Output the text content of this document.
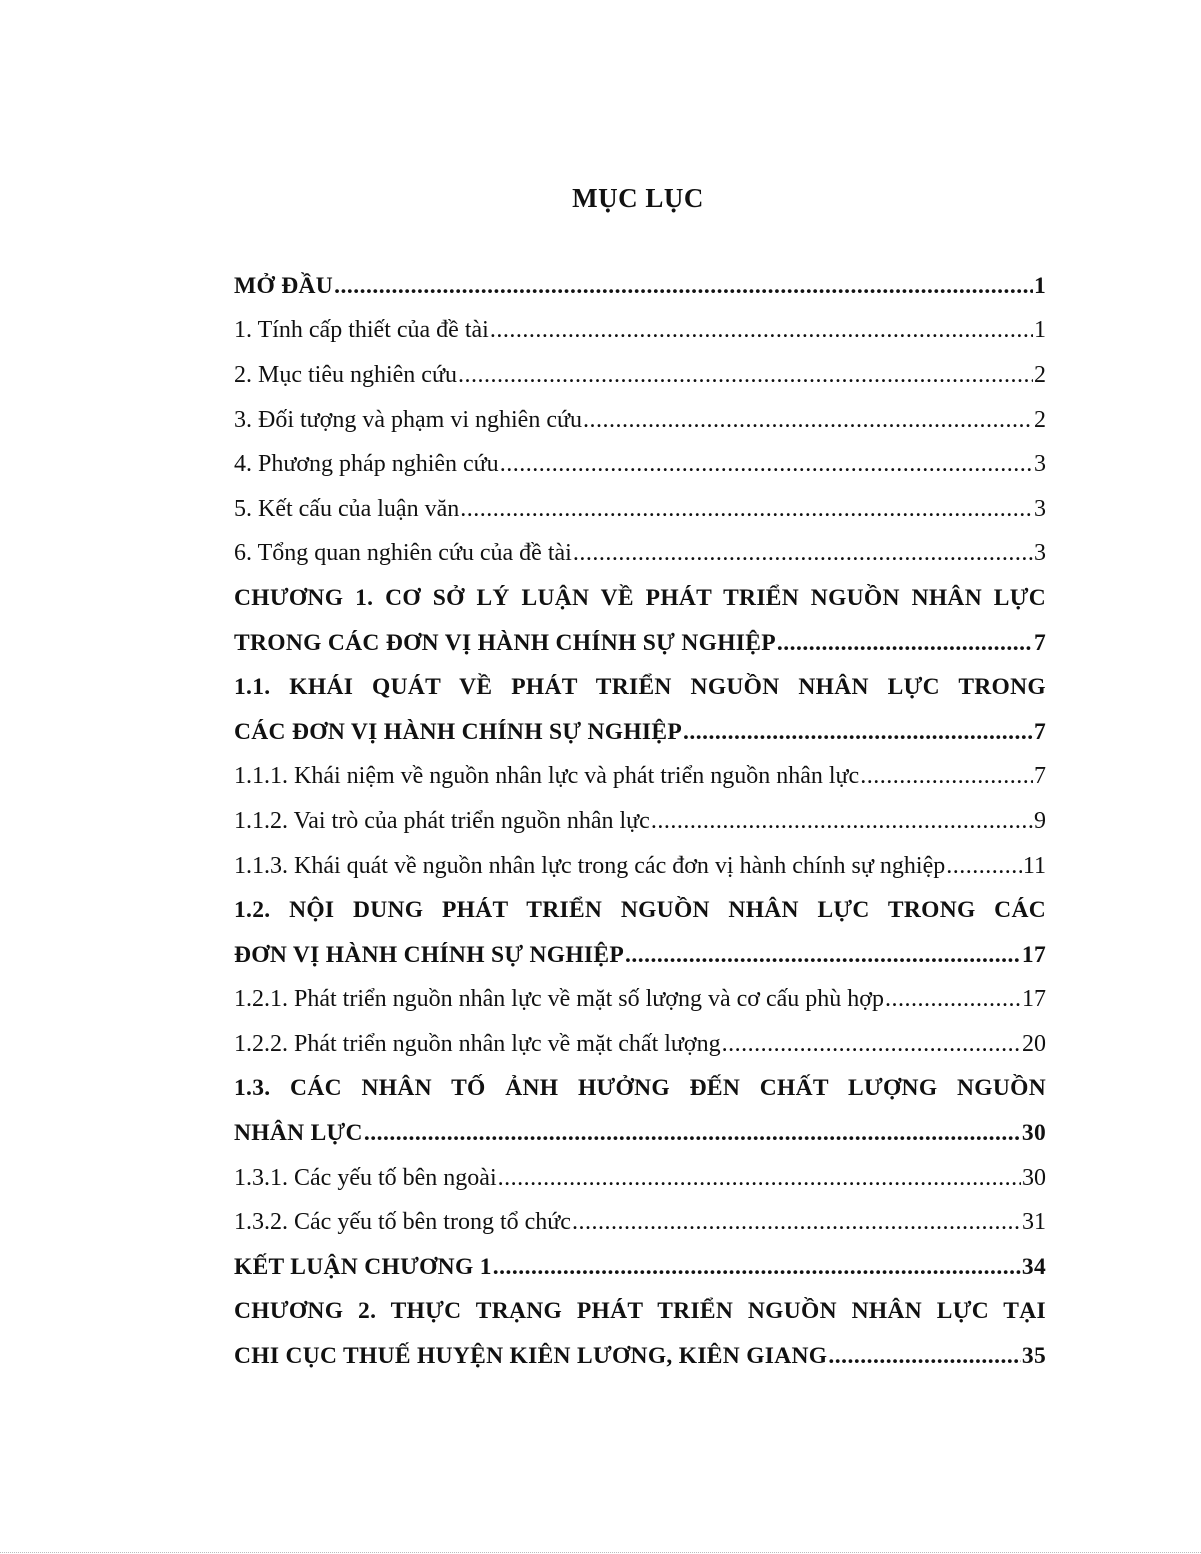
MỤC LỤC
MỞ ĐẦU .....	1
1. Tính cấp thiết của đề tài .....	1
2. Mục tiêu nghiên cứu .....	2
3. Đối tượng và phạm vi nghiên cứu .....	2
4. Phương pháp nghiên cứu .....	3
5. Kết cấu của luận văn .....	3
6. Tổng quan nghiên cứu của đề tài .....	3
CHƯƠNG 1. CƠ SỞ LÝ LUẬN VỀ PHÁT TRIỂN NGUỒN NHÂN LỰC
TRONG CÁC ĐƠN VỊ HÀNH CHÍNH SỰ NGHIỆP .....	7
1.1. KHÁI QUÁT VỀ PHÁT TRIỂN NGUỒN NHÂN LỰC TRONG
CÁC ĐƠN VỊ HÀNH CHÍNH SỰ NGHIỆP .....	7
1.1.1. Khái niệm về nguồn nhân lực và phát triển nguồn nhân lực .....	7
1.1.2. Vai trò của phát triển nguồn nhân lực .....	9
1.1.3. Khái quát về nguồn nhân lực trong các đơn vị hành chính sự nghiệp .....	11
1.2. NỘI DUNG PHÁT TRIỂN NGUỒN NHÂN LỰC TRONG CÁC
ĐƠN VỊ HÀNH CHÍNH SỰ NGHIỆP .....	17
1.2.1. Phát triển nguồn nhân lực về mặt số lượng và cơ cấu phù hợp .....	17
1.2.2. Phát triển nguồn nhân lực về mặt chất lượng .....	20
1.3. CÁC NHÂN TỐ ẢNH HƯỞNG ĐẾN CHẤT LƯỢNG NGUỒN
NHÂN LỰC .....	30
1.3.1. Các yếu tố bên ngoài .....	30
1.3.2. Các yếu tố bên trong tổ chức .....	31
KẾT LUẬN CHƯƠNG 1 .....	34
CHƯƠNG 2. THỰC TRẠNG PHÁT TRIỂN NGUỒN NHÂN LỰC TẠI
CHI CỤC THUẾ HUYỆN KIÊN LƯƠNG, KIÊN GIANG .....	35
